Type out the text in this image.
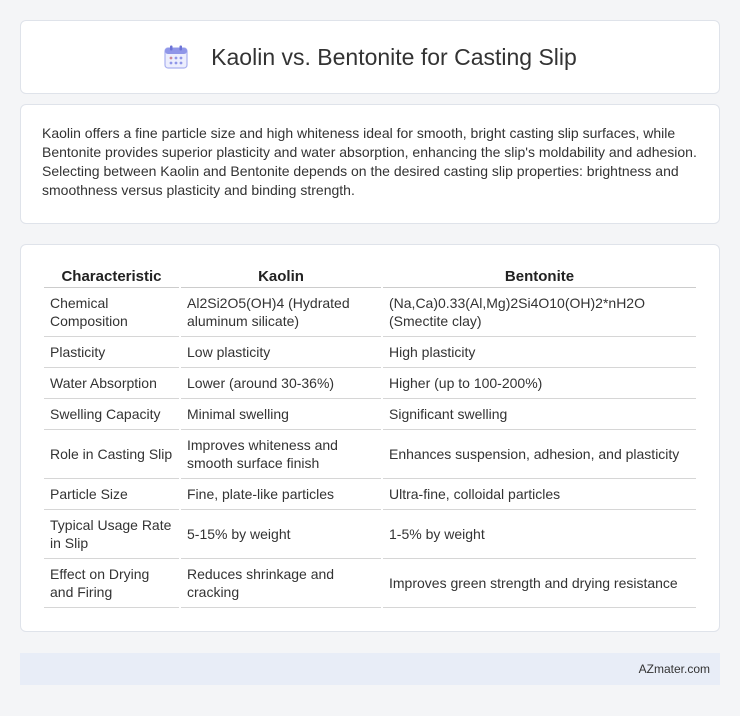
Kaolin vs. Bentonite for Casting Slip

Kaolin offers a fine particle size and high whiteness ideal for smooth, bright casting slip surfaces, while Bentonite provides superior plasticity and water absorption, enhancing the slip's moldability and adhesion. Selecting between Kaolin and Bentonite depends on the desired casting slip properties: brightness and smoothness versus plasticity and binding strength.

Characteristic	Kaolin	Bentonite
Chemical Composition	Al2Si2O5(OH)4 (Hydrated aluminum silicate)	(Na,Ca)0.33(Al,Mg)2Si4O10(OH)2*nH2O (Smectite clay)
Plasticity	Low plasticity	High plasticity
Water Absorption	Lower (around 30-36%)	Higher (up to 100-200%)
Swelling Capacity	Minimal swelling	Significant swelling
Role in Casting Slip	Improves whiteness and smooth surface finish	Enhances suspension, adhesion, and plasticity
Particle Size	Fine, plate-like particles	Ultra-fine, colloidal particles
Typical Usage Rate in Slip	5-15% by weight	1-5% by weight
Effect on Drying and Firing	Reduces shrinkage and cracking	Improves green strength and drying resistance
AZmater.com
